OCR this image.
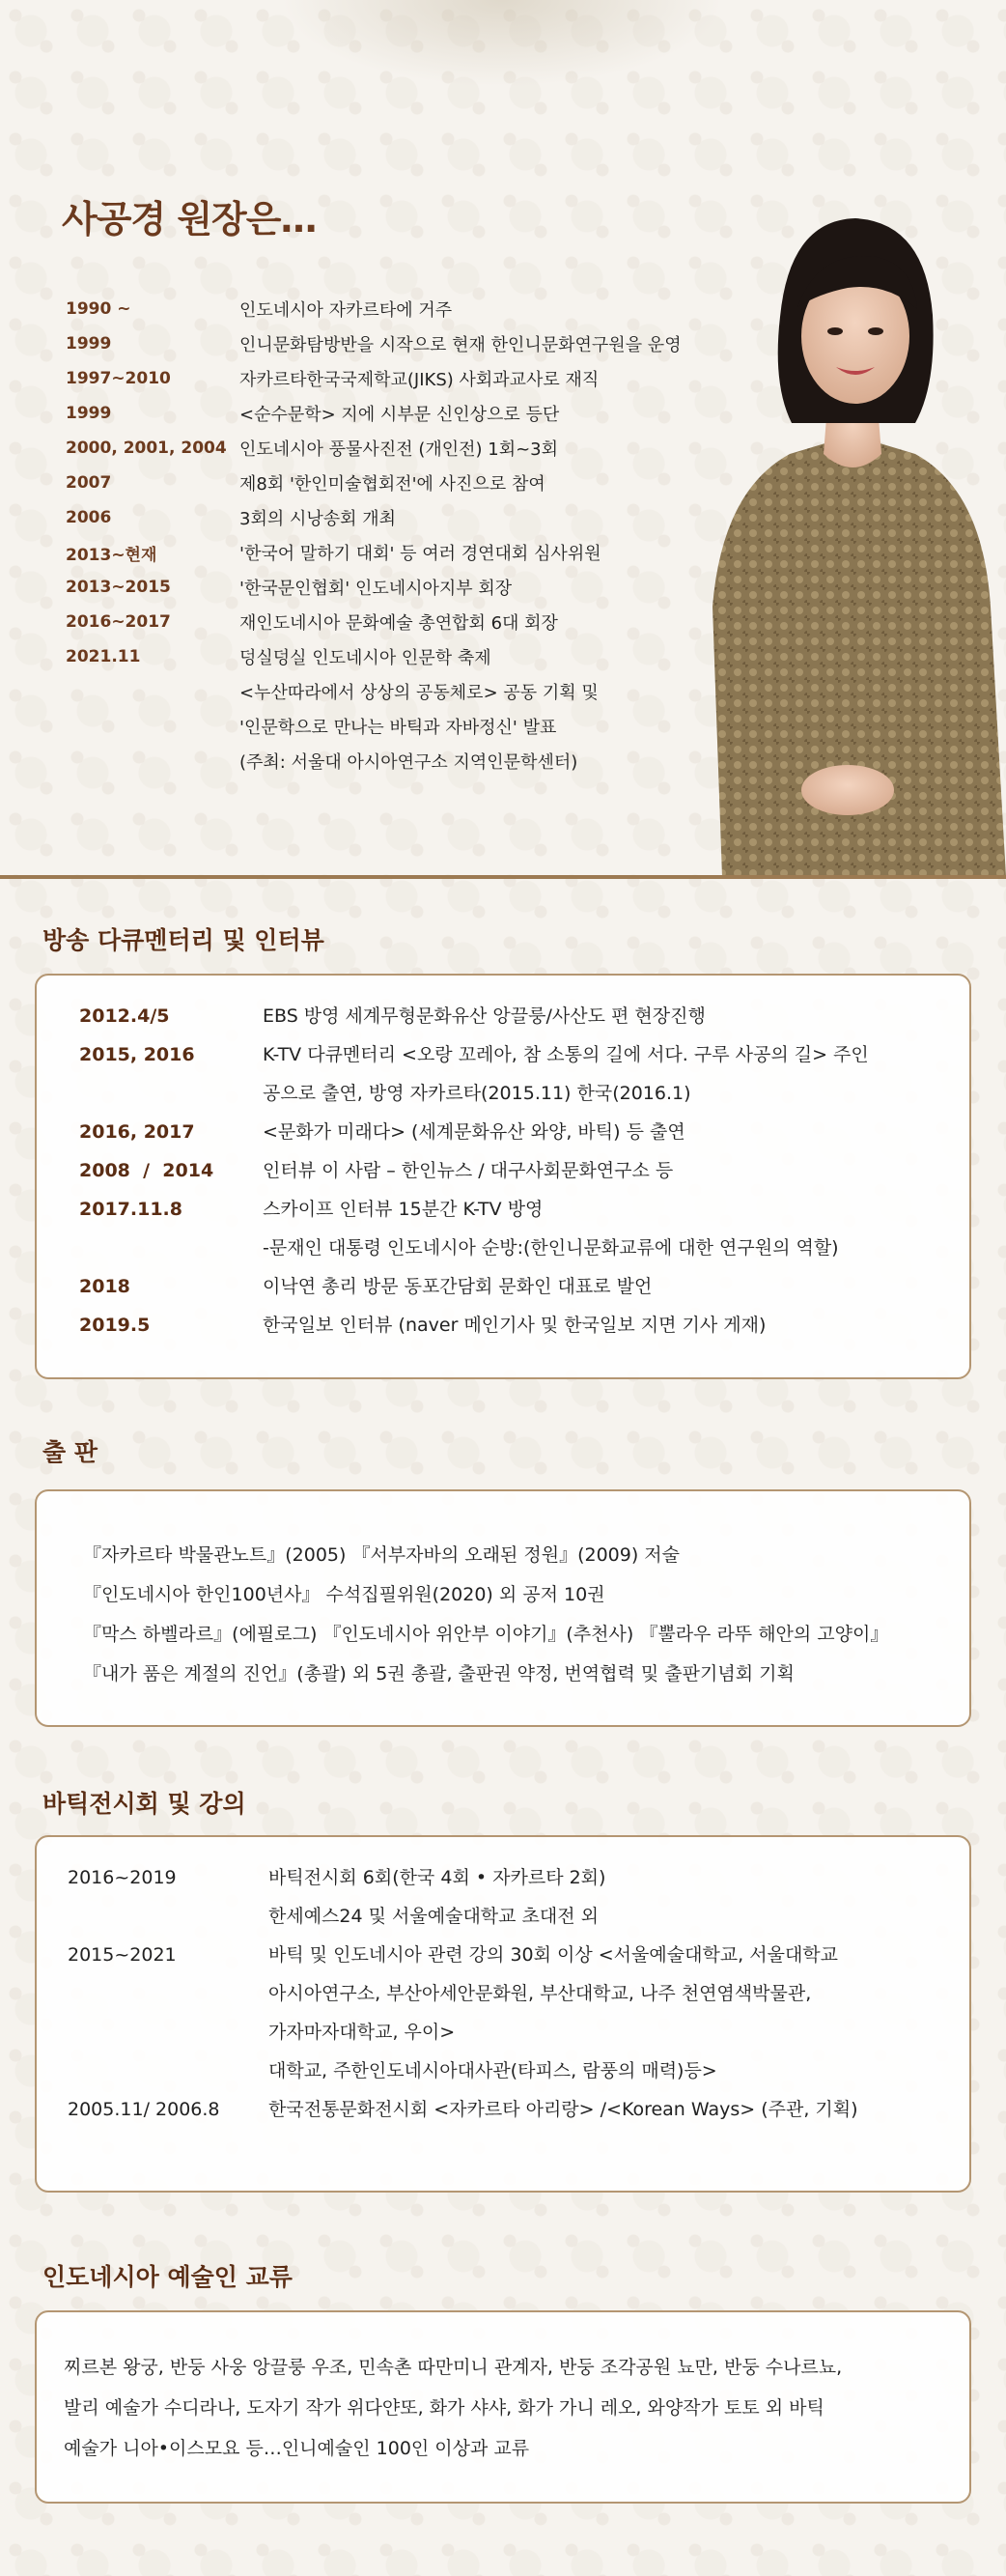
사공경 원장은…
1990 ~	인도네시아 자카르타에 거주
1999	인니문화탐방반을 시작으로 현재 한인니문화연구원을 운영
1997~2010	자카르타한국국제학교(JIKS) 사회과교사로 재직
1999	<순수문학> 지에 시부문 신인상으로 등단
2000, 2001, 2004 인도네시아 풍물사진전 (개인전) 1회~3회
2007	제8회 '한인미술협회전'에 사진으로 참여
2006	3회의 시낭송회 개최
2013~현재	'한국어 말하기 대회' 등 여러 경연대회 심사위원
2013~2015	'한국문인협회' 인도네시아지부 회장
2016~2017	재인도네시아 문화예술 총연합회 6대 회장
2021.11	덩실덩실 인도네시아 인문학 축제
<누산따라에서 상상의 공동체로> 공동 기획 및
'인문학으로 만나는 바틱과 자바정신' 발표
(주최: 서울대 아시아연구소 지역인문학센터)
방송 다큐멘터리 및 인터뷰
2012.4/5	EBS 방영 세계무형문화유산 앙끌룽/사산도 편 현장진행
2015, 2016	K-TV 다큐멘터리 <오랑 꼬레아, 참 소통의 길에 서다. 구루 사공의 길> 주인
공으로 출연, 방영 자카르타(2015.11) 한국(2016.1)
2016, 2017	<문화가 미래다> (세계문화유산 와양, 바틱) 등 출연
2008  /  2014	인터뷰 이 사람 – 한인뉴스 / 대구사회문화연구소 등
2017.11.8	스카이프 인터뷰 15분간 K-TV 방영
-문재인 대통령 인도네시아 순방:(한인니문화교류에 대한 연구원의 역할)
2018	이낙연 총리 방문 동포간담회 문화인 대표로 발언
2019.5	한국일보 인터뷰 (naver 메인기사 및 한국일보 지면 기사 게재)
출 판
『자카르타 박물관노트』(2005) 『서부자바의 오래된 정원』(2009) 저술
『인도네시아 한인100년사』 수석집필위원(2020) 외 공저 10권
『막스 하벨라르』(에필로그) 『인도네시아 위안부 이야기』(추천사) 『뿔라우 라뚜 해안의 고양이』
『내가 품은 계절의 진언』(총괄) 외 5권 총괄, 출판권 약정, 번역협력 및 출판기념회 기획
바틱전시회 및 강의
2016~2019	바틱전시회 6회(한국 4회 • 자카르타 2회)
한세예스24 및 서울예술대학교 초대전 외
2015~2021	바틱 및 인도네시아 관련 강의 30회 이상 <서울예술대학교, 서울대학교
아시아연구소, 부산아세안문화원, 부산대학교, 나주 천연염색박물관,
가자마자대학교, 우이>
대학교, 주한인도네시아대사관(타피스, 람풍의 매력)등>
2005.11/ 2006.8	한국전통문화전시회 <자카르타 아리랑> /<Korean Ways> (주관, 기획)
인도네시아 예술인 교류
찌르본 왕궁, 반둥 사웅 앙끌룽 우조, 민속촌 따만미니 관계자, 반둥 조각공원 뇨만, 반둥 수나르뇨,
발리 예술가 수디라나, 도자기 작가 위다얀또, 화가 샤샤, 화가 가니 레오, 와양작가 토토 외 바틱
예술가 니아•이스모요 등…인니예술인 100인 이상과 교류
